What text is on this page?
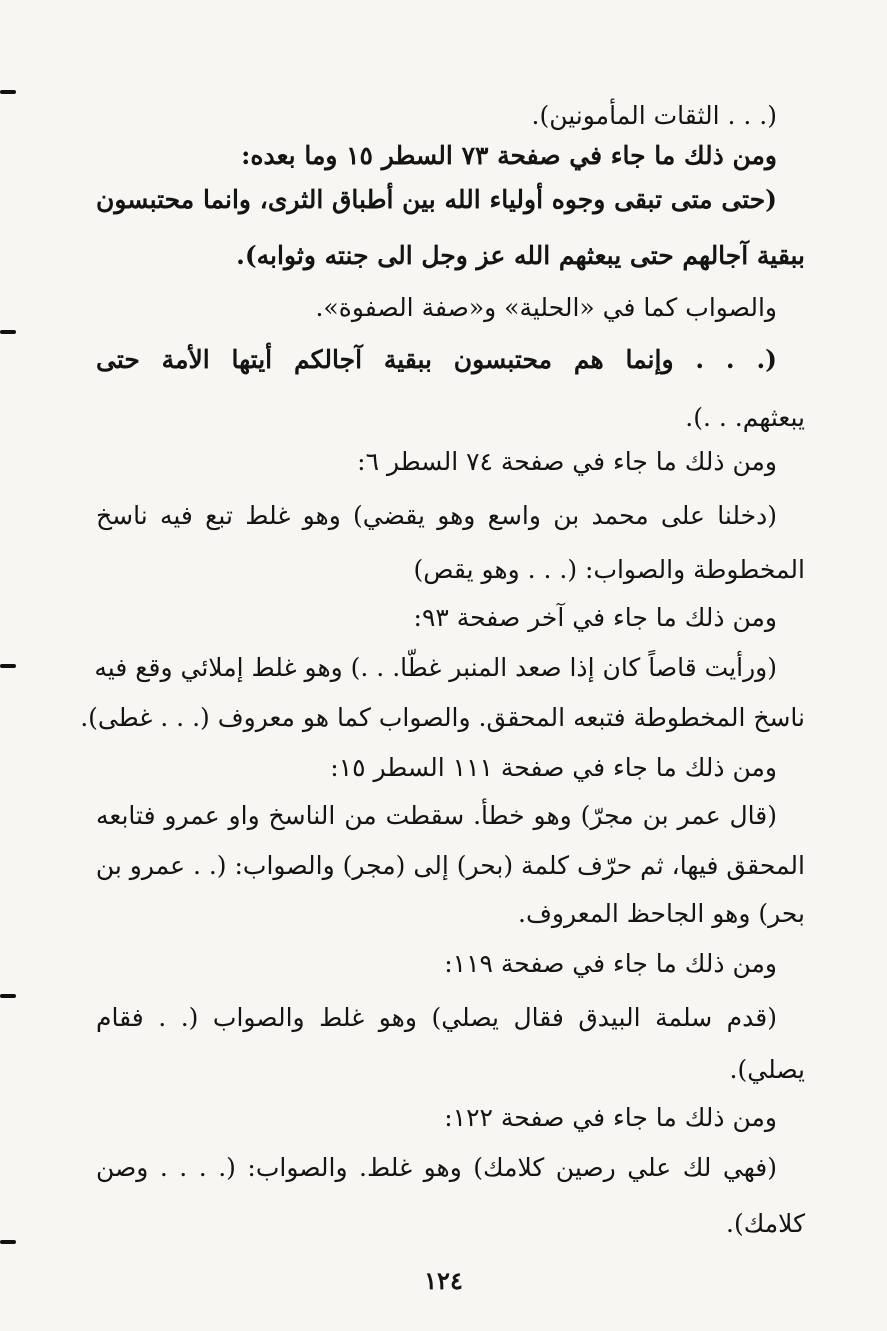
(. . . الثقات المأمونين).
ومن ذلك ما جاء في صفحة ٧٣ السطر ١٥ وما بعده:
(حتى متى تبقى وجوه أولياء الله بين أطباق الثرى، وانما محتبسون
ببقية آجالهم حتى يبعثهم الله عز وجل الى جنته وثوابه).
والصواب كما في «الحلية» و«صفة الصفوة».
(. . . وإنما هم محتبسون ببقية آجالكم أيتها الأمة حتى
يبعثهم. . .).
ومن ذلك ما جاء في صفحة ٧٤ السطر ٦:
(دخلنا على محمد بن واسع وهو يقضي) وهو غلط تبع فيه ناسخ
المخطوطة والصواب: (. . . وهو يقص)
ومن ذلك ما جاء في آخر صفحة ٩٣:
(ورأيت قاصاً كان إذا صعد المنبر غطّا. . .) وهو غلط إملائي وقع فيه
ناسخ المخطوطة فتبعه المحقق. والصواب كما هو معروف (. . . غطى).
ومن ذلك ما جاء في صفحة ١١١ السطر ١٥:
(قال عمر بن مجرّ) وهو خطأ. سقطت من الناسخ واو عمرو فتابعه
المحقق فيها، ثم حرّف كلمة (بحر) إلى (مجر) والصواب: (. . عمرو بن
بحر) وهو الجاحظ المعروف.
ومن ذلك ما جاء في صفحة ١١٩:
(قدم سلمة البيدق فقال يصلي) وهو غلط والصواب (. . فقام
يصلي).
ومن ذلك ما جاء في صفحة ١٢٢:
(فهي لك علي رصين كلامك) وهو غلط. والصواب: (. . . . وصن
كلامك).
١٢٤
